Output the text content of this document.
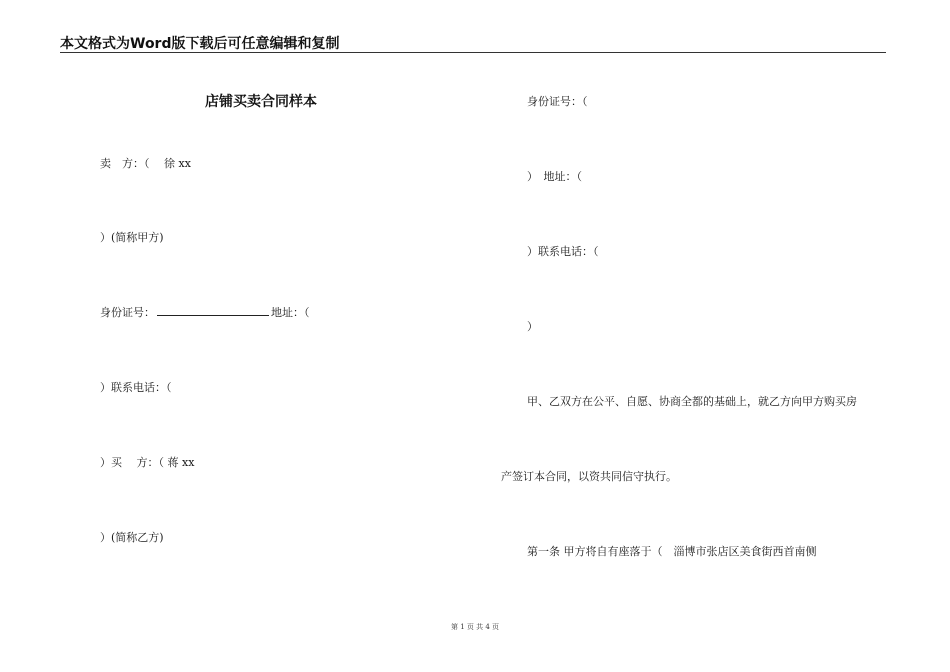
本文格式为Word版下载后可任意编辑和复制
店铺买卖合同样本
卖　方：（　 徐 xx
）(简称甲方)
身份证号：	地址：（
）联系电话：（
）买　 方：（ 蒋 xx
）(简称乙方)
身份证号：（
）　地址：（
）联系电话：（
）
甲、乙双方在公平、自愿、协商全都的基础上，就乙方向甲方购买房
产签订本合同，以资共同信守执行。
第一条 甲方将自有座落于（　淄博市张店区美食街西首南侧
第 1 页 共 4 页
